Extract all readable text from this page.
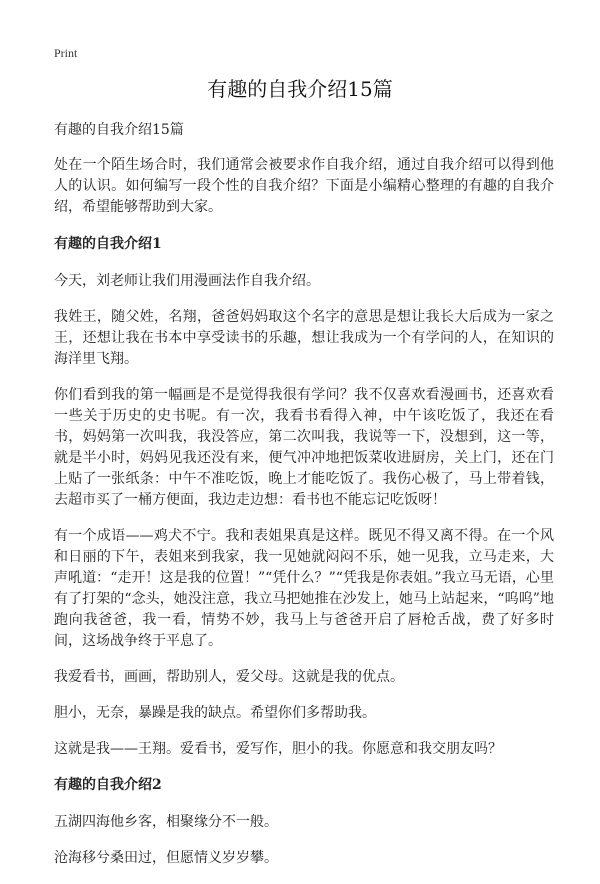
Print
有趣的自我介绍15篇

有趣的自我介绍15篇

处在一个陌生场合时，我们通常会被要求作自我介绍，通过自我介绍可以得到他人的认识。如何编写一段个性的自我介绍？下面是小编精心整理的有趣的自我介绍，希望能够帮助到大家。

有趣的自我介绍1

今天，刘老师让我们用漫画法作自我介绍。

我姓王，随父姓，名翔，爸爸妈妈取这个名字的意思是想让我长大后成为一家之王，还想让我在书本中享受读书的乐趣，想让我成为一个有学问的人，在知识的海洋里飞翔。

你们看到我的第一幅画是不是觉得我很有学问？我不仅喜欢看漫画书，还喜欢看一些关于历史的史书呢。有一次，我看书看得入神，中午该吃饭了，我还在看书，妈妈第一次叫我，我没答应，第二次叫我，我说等一下，没想到，这一等，就是半小时，妈妈见我还没有来，便气冲冲地把饭菜收进厨房，关上门，还在门上贴了一张纸条：中午不准吃饭，晚上才能吃饭了。我伤心极了，马上带着钱，去超市买了一桶方便面，我边走边想：看书也不能忘记吃饭呀！

有一个成语——鸡犬不宁。我和表姐果真是这样。既见不得又离不得。在一个风和日丽的下午，表姐来到我家，我一见她就闷闷不乐，她一见我，立马走来，大声吼道：“走开！这是我的位置！”“凭什么？”“凭我是你表姐。”我立马无语，心里有了打架的“念头，她没注意，我立马把她推在沙发上，她马上站起来，“呜呜”地跑向我爸爸，我一看，情势不妙，我马上与爸爸开启了唇枪舌战，费了好多时间，这场战争终于平息了。

我爱看书，画画，帮助别人，爱父母。这就是我的优点。

胆小，无奈，暴躁是我的缺点。希望你们多帮助我。

这就是我——王翔。爱看书，爱写作，胆小的我。你愿意和我交朋友吗？

有趣的自我介绍2

五湖四海他乡客，相聚缘分不一般。

沧海移兮桑田过，但愿情义岁岁攀。
